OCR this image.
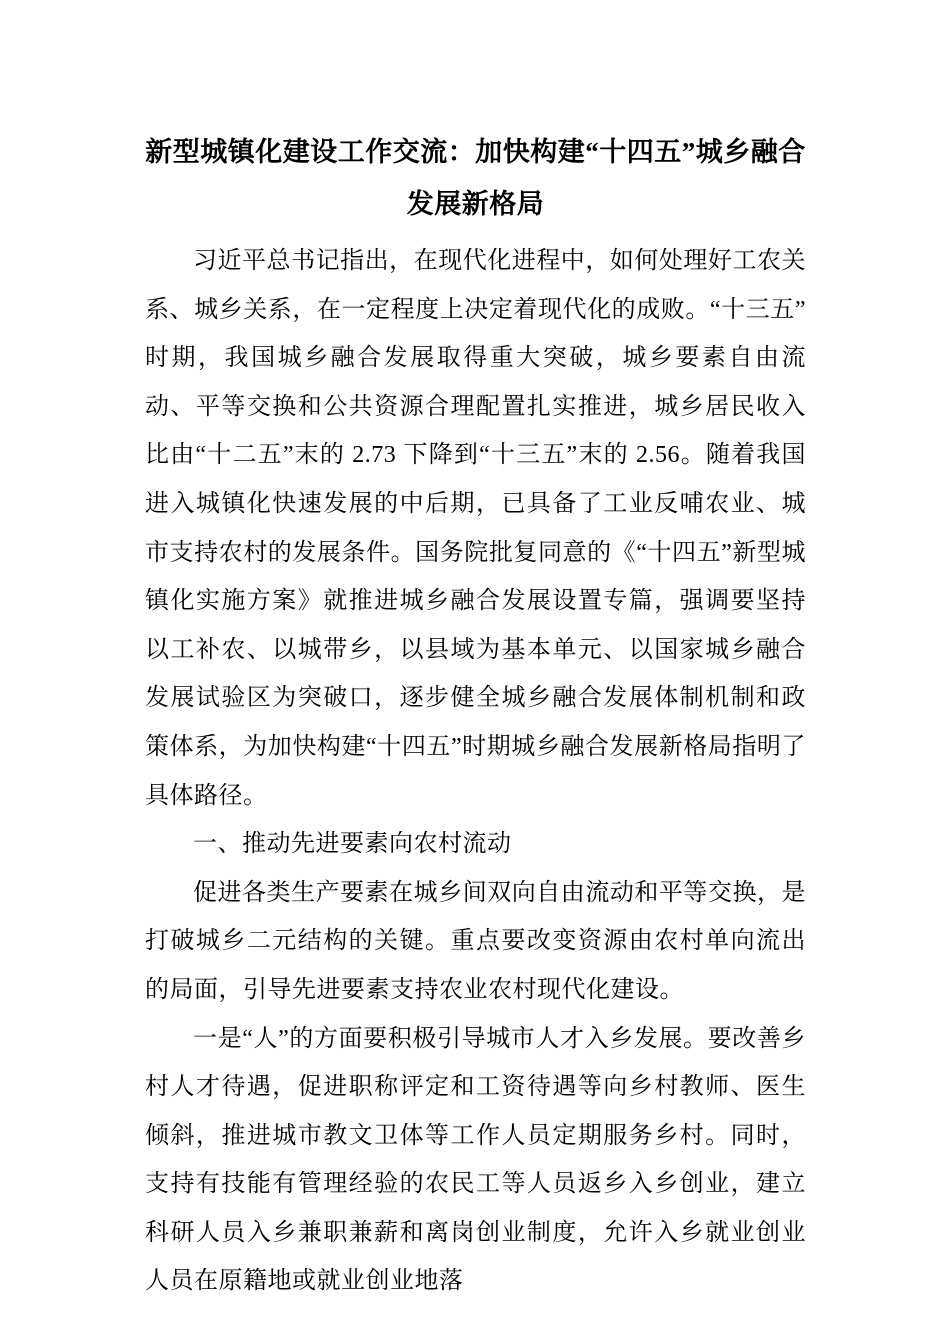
新型城镇化建设工作交流：加快构建“十四五”城乡融合发展新格局

习近平总书记指出，在现代化进程中，如何处理好工农关系、城乡关系，在一定程度上决定着现代化的成败。“十三五”时期，我国城乡融合发展取得重大突破，城乡要素自由流动、平等交换和公共资源合理配置扎实推进，城乡居民收入比由“十二五”末的 2.73 下降到“十三五”末的 2.56。随着我国进入城镇化快速发展的中后期，已具备了工业反哺农业、城市支持农村的发展条件。国务院批复同意的《“十四五”新型城镇化实施方案》就推进城乡融合发展设置专篇，强调要坚持以工补农、以城带乡，以县域为基本单元、以国家城乡融合发展试验区为突破口，逐步健全城乡融合发展体制机制和政策体系，为加快构建“十四五”时期城乡融合发展新格局指明了具体路径。

一、推动先进要素向农村流动

促进各类生产要素在城乡间双向自由流动和平等交换，是打破城乡二元结构的关键。重点要改变资源由农村单向流出的局面，引导先进要素支持农业农村现代化建设。

一是“人”的方面要积极引导城市人才入乡发展。要改善乡村人才待遇，促进职称评定和工资待遇等向乡村教师、医生倾斜，推进城市教文卫体等工作人员定期服务乡村。同时，支持有技能有管理经验的农民工等人员返乡入乡创业，建立科研人员入乡兼职兼薪和离岗创业制度，允许入乡就业创业人员在原籍地或就业创业地落
